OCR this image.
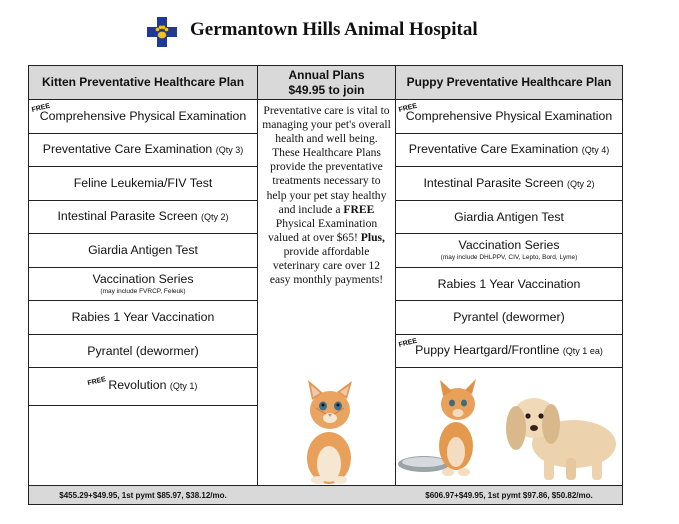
Germantown Hills Animal Hospital
Kitten Preventative Healthcare Plan
FREE
Comprehensive Physical Examination
Preventative Care Examination (Qty 3)
Feline Leukemia/FIV Test
Intestinal Parasite Screen (Qty 2)
Giardia Antigen Test
Vaccination Series
(may include FVRCP, Feleuk)
Rabies 1 Year Vaccination
Pyrantel (dewormer)
FREE Revolution (Qty 1)
Annual Plans
$49.95 to join
Preventative care is vital to managing your pet's overall health and well being. These Healthcare Plans provide the preventative treatments necessary to help your pet stay healthy and include a FREE Physical Examination valued at over $65! Plus, provide affordable veterinary care over 12 easy monthly payments!
Puppy Preventative Healthcare Plan
FREE
Comprehensive Physical Examination
Preventative Care Examination (Qty 4)
Intestinal Parasite Screen (Qty 2)
Giardia Antigen Test
Vaccination Series
(may include DHLPPV, CIV, Lepto, Bord, Lyme)
Rabies 1 Year Vaccination
Pyrantel (dewormer)
FREE
Puppy Heartgard/Frontline (Qty 1 ea)
$455.29+$49.95, 1st pymt $85.97, $38.12/mo.	$606.97+$49.95, 1st pymt $97.86, $50.82/mo.
